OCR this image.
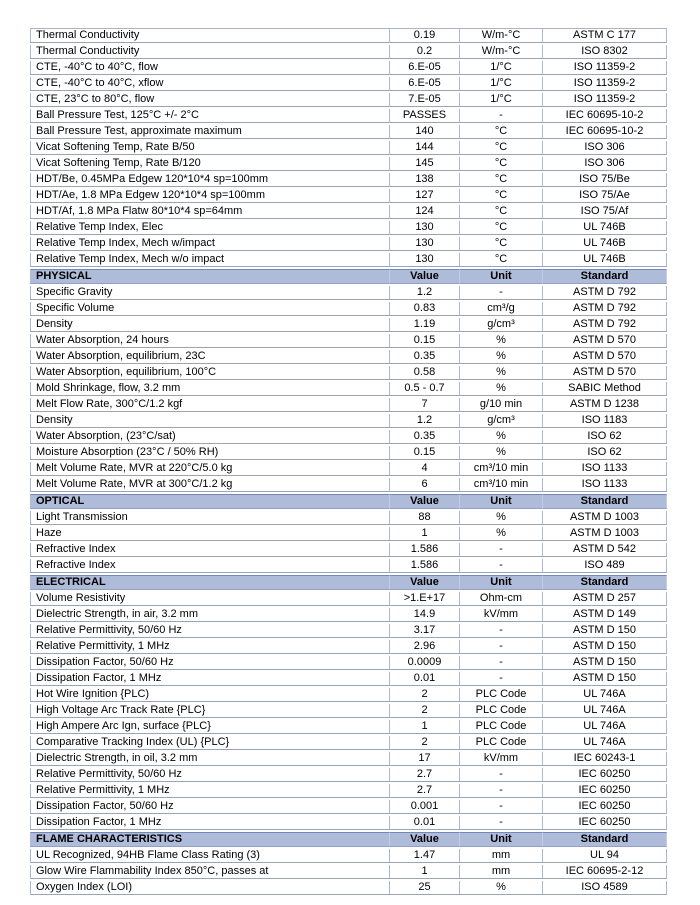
Thermal Conductivity	0.19	W/m-°C	ASTM C 177
Thermal Conductivity	0.2	W/m-°C	ISO 8302
CTE, -40°C to 40°C, flow	6.E-05	1/°C	ISO 11359-2
CTE, -40°C to 40°C, xflow	6.E-05	1/°C	ISO 11359-2
CTE, 23°C to 80°C, flow	7.E-05	1/°C	ISO 11359-2
Ball Pressure Test, 125°C +/- 2°C	PASSES	-	IEC 60695-10-2
Ball Pressure Test, approximate maximum	140	°C	IEC 60695-10-2
Vicat Softening Temp, Rate B/50	144	°C	ISO 306
Vicat Softening Temp, Rate B/120	145	°C	ISO 306
HDT/Be, 0.45MPa Edgew 120*10*4 sp=100mm	138	°C	ISO 75/Be
HDT/Ae, 1.8 MPa Edgew 120*10*4 sp=100mm	127	°C	ISO 75/Ae
HDT/Af, 1.8 MPa Flatw 80*10*4 sp=64mm	124	°C	ISO 75/Af
Relative Temp Index, Elec	130	°C	UL 746B
Relative Temp Index, Mech w/impact	130	°C	UL 746B
Relative Temp Index, Mech w/o impact	130	°C	UL 746B
PHYSICAL	Value	Unit	Standard
Specific Gravity	1.2	-	ASTM D 792
Specific Volume	0.83	cm³/g	ASTM D 792
Density	1.19	g/cm³	ASTM D 792
Water Absorption, 24 hours	0.15	%	ASTM D 570
Water Absorption, equilibrium, 23C	0.35	%	ASTM D 570
Water Absorption, equilibrium, 100°C	0.58	%	ASTM D 570
Mold Shrinkage, flow, 3.2 mm	0.5 - 0.7	%	SABIC Method
Melt Flow Rate, 300°C/1.2 kgf	7	g/10 min	ASTM D 1238
Density	1.2	g/cm³	ISO 1183
Water Absorption, (23°C/sat)	0.35	%	ISO 62
Moisture Absorption (23°C / 50% RH)	0.15	%	ISO 62
Melt Volume Rate, MVR at 220°C/5.0 kg	4	cm³/10 min	ISO 1133
Melt Volume Rate, MVR at 300°C/1.2 kg	6	cm³/10 min	ISO 1133
OPTICAL	Value	Unit	Standard
Light Transmission	88	%	ASTM D 1003
Haze	1	%	ASTM D 1003
Refractive Index	1.586	-	ASTM D 542
Refractive Index	1.586	-	ISO 489
ELECTRICAL	Value	Unit	Standard
Volume Resistivity	>1.E+17	Ohm-cm	ASTM D 257
Dielectric Strength, in air, 3.2 mm	14.9	kV/mm	ASTM D 149
Relative Permittivity, 50/60 Hz	3.17	-	ASTM D 150
Relative Permittivity, 1 MHz	2.96	-	ASTM D 150
Dissipation Factor, 50/60 Hz	0.0009	-	ASTM D 150
Dissipation Factor, 1 MHz	0.01	-	ASTM D 150
Hot Wire Ignition {PLC)	2	PLC Code	UL 746A
High Voltage Arc Track Rate {PLC}	2	PLC Code	UL 746A
High Ampere Arc Ign, surface {PLC}	1	PLC Code	UL 746A
Comparative Tracking Index (UL) {PLC}	2	PLC Code	UL 746A
Dielectric Strength, in oil, 3.2 mm	17	kV/mm	IEC 60243-1
Relative Permittivity, 50/60 Hz	2.7	-	IEC 60250
Relative Permittivity, 1 MHz	2.7	-	IEC 60250
Dissipation Factor, 50/60 Hz	0.001	-	IEC 60250
Dissipation Factor, 1 MHz	0.01	-	IEC 60250
FLAME CHARACTERISTICS	Value	Unit	Standard
UL Recognized, 94HB Flame Class Rating (3)	1.47	mm	UL 94
Glow Wire Flammability Index 850°C, passes at	1	mm	IEC 60695-2-12
Oxygen Index (LOI)	25	%	ISO 4589
